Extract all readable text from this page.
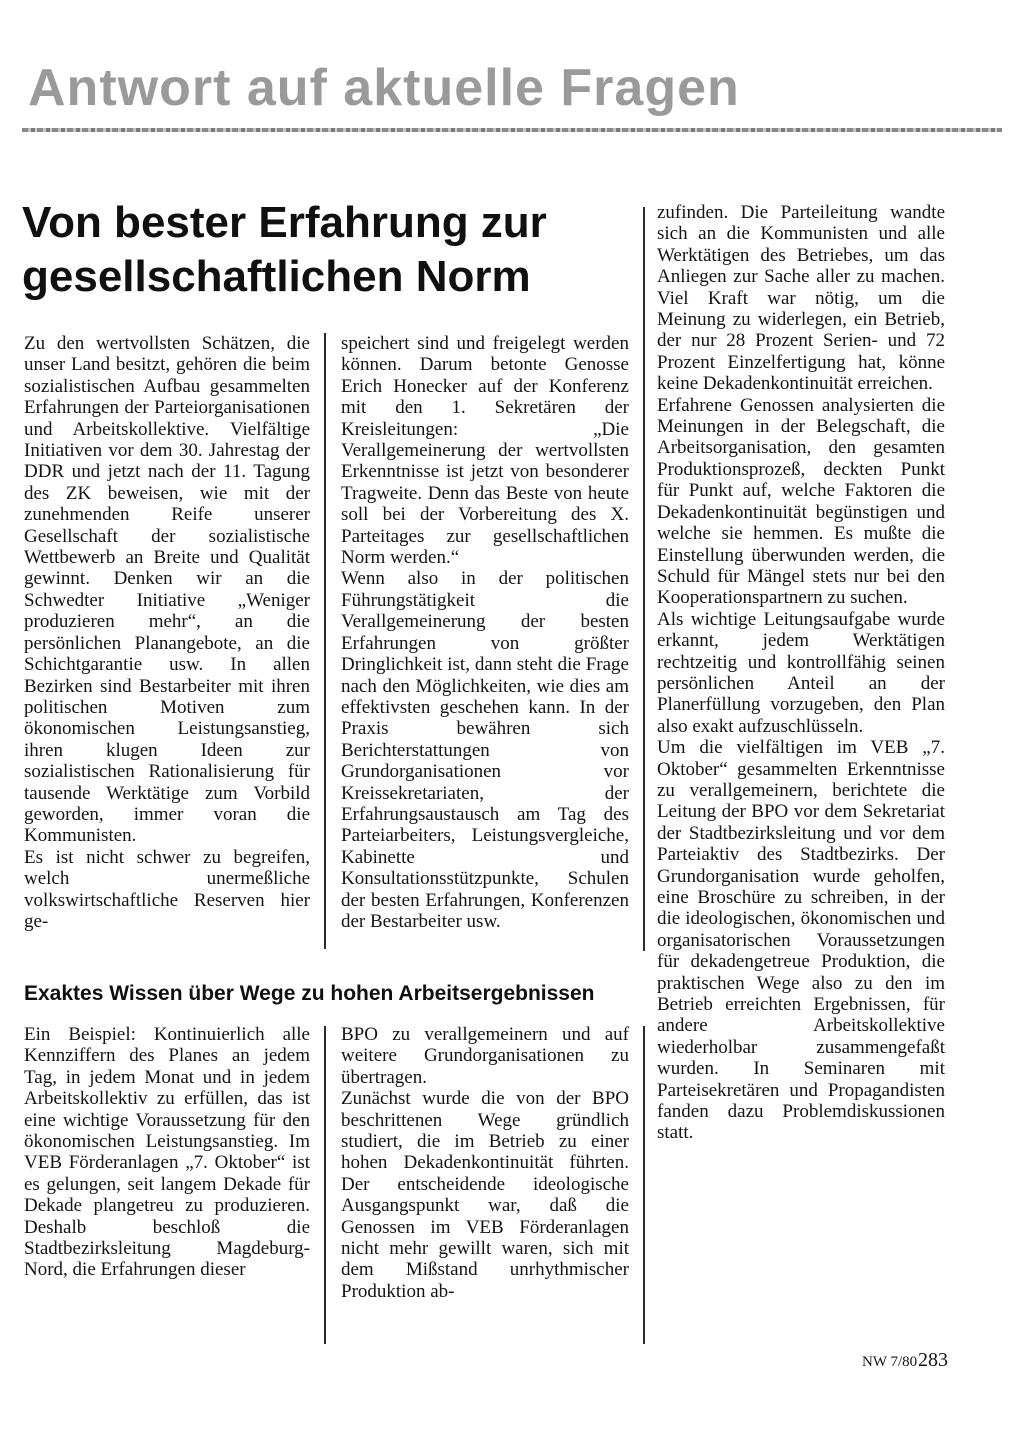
Antwort auf aktuelle Fragen
Von bester Erfahrung zur gesellschaftlichen Norm

Zu den wertvollsten Schätzen, die unser Land besitzt, gehören die beim sozialistischen Aufbau gesammelten Erfahrungen der Parteiorganisationen und Arbeitskollektive. Vielfältige Initiativen vor dem 30. Jahrestag der DDR und jetzt nach der 11. Tagung des ZK beweisen, wie mit der zunehmenden Reife unserer Gesellschaft der sozialistische Wettbewerb an Breite und Qualität gewinnt. Denken wir an die Schwedter Initiative „Weniger produzieren mehr“, an die persönlichen Planangebote, an die Schichtgarantie usw. In allen Bezirken sind Bestarbeiter mit ihren politischen Motiven zum ökonomischen Leistungsanstieg, ihren klugen Ideen zur sozialistischen Rationalisierung für tausende Werktätige zum Vorbild geworden, immer voran die Kommunisten.

Es ist nicht schwer zu begreifen, welch unermeßliche volkswirtschaftliche Reserven hier ge-

speichert sind und freigelegt werden können. Darum betonte Genosse Erich Honecker auf der Konferenz mit den 1. Sekretären der Kreisleitungen: „Die Verallgemeinerung der wertvollsten Erkenntnisse ist jetzt von besonderer Tragweite. Denn das Beste von heute soll bei der Vorbereitung des X. Parteitages zur gesellschaftlichen Norm werden.“

Wenn also in der politischen Führungstätigkeit die Verallgemeinerung der besten Erfahrungen von größter Dringlichkeit ist, dann steht die Frage nach den Möglichkeiten, wie dies am effektivsten geschehen kann. In der Praxis bewähren sich Berichterstattungen von Grundorganisationen vor Kreissekretariaten, der Erfahrungsaustausch am Tag des Parteiarbeiters, Leistungsvergleiche, Kabinette und Konsultationsstützpunkte, Schulen der besten Erfahrungen, Konferenzen der Bestarbeiter usw.

zufinden. Die Parteileitung wandte sich an die Kommunisten und alle Werktätigen des Betriebes, um das Anliegen zur Sache aller zu machen. Viel Kraft war nötig, um die Meinung zu widerlegen, ein Betrieb, der nur 28 Prozent Serien- und 72 Prozent Einzelfertigung hat, könne keine Dekadenkontinuität erreichen.

Erfahrene Genossen analysierten die Meinungen in der Belegschaft, die Arbeitsorganisation, den gesamten Produktionsprozeß, deckten Punkt für Punkt auf, welche Faktoren die Dekadenkontinuität begünstigen und welche sie hemmen. Es mußte die Einstellung überwunden werden, die Schuld für Mängel stets nur bei den Kooperationspartnern zu suchen.

Als wichtige Leitungsaufgabe wurde erkannt, jedem Werktätigen rechtzeitig und kontrollfähig seinen persönlichen Anteil an der Planerfüllung vorzugeben, den Plan also exakt aufzuschlüsseln.

Um die vielfältigen im VEB „7. Oktober“ gesammelten Erkenntnisse zu verallgemeinern, berichtete die Leitung der BPO vor dem Sekretariat der Stadtbezirksleitung und vor dem Parteiaktiv des Stadtbezirks. Der Grundorganisation wurde geholfen, eine Broschüre zu schreiben, in der die ideologischen, ökonomischen und organisatorischen Voraussetzungen für dekadengetreue Produktion, die praktischen Wege also zu den im Betrieb erreichten Ergebnissen, für andere Arbeitskollektive wiederholbar zusammengefaßt wurden. In Seminaren mit Parteisekretären und Propagandisten fanden dazu Problemdiskussionen statt.

Exaktes Wissen über Wege zu hohen Arbeitsergebnissen

Ein Beispiel: Kontinuierlich alle Kennziffern des Planes an jedem Tag, in jedem Monat und in jedem Arbeitskollektiv zu erfüllen, das ist eine wichtige Voraussetzung für den ökonomischen Leistungsanstieg. Im VEB Förderanlagen „7. Oktober“ ist es gelungen, seit langem Dekade für Dekade plangetreu zu produzieren. Deshalb beschloß die Stadtbezirksleitung Magdeburg-Nord, die Erfahrungen dieser

BPO zu verallgemeinern und auf weitere Grundorganisationen zu übertragen.

Zunächst wurde die von der BPO beschrittenen Wege gründlich studiert, die im Betrieb zu einer hohen Dekadenkontinuität führten. Der entscheidende ideologische Ausgangspunkt war, daß die Genossen im VEB Förderanlagen nicht mehr gewillt waren, sich mit dem Mißstand unrhythmischer Produktion ab-

NW 7/80 283
